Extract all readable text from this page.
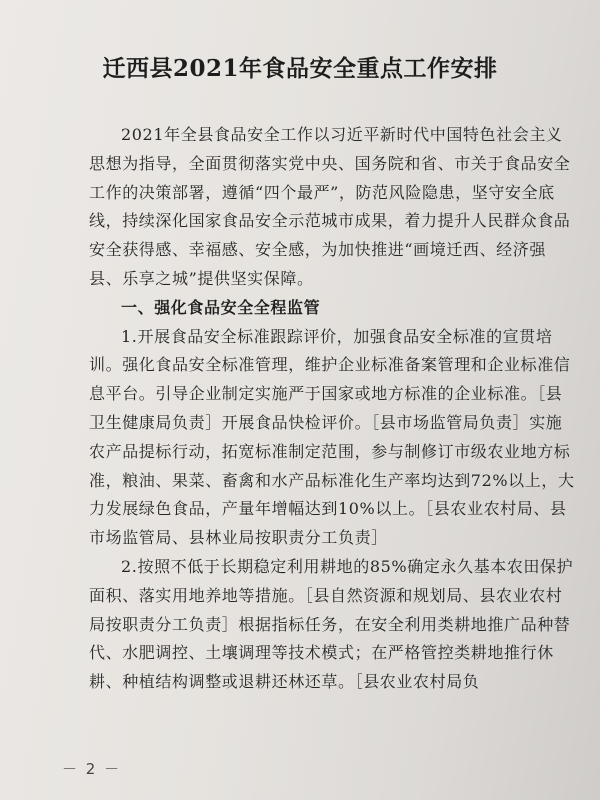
迁西县2021年食品安全重点工作安排

2021年全县食品安全工作以习近平新时代中国特色社会主义思想为指导，全面贯彻落实党中央、国务院和省、市关于食品安全工作的决策部署，遵循“四个最严”，防范风险隐患，坚守安全底线，持续深化国家食品安全示范城市成果，着力提升人民群众食品安全获得感、幸福感、安全感，为加快推进“画境迁西、经济强县、乐享之城”提供坚实保障。

一、强化食品安全全程监管

1.开展食品安全标准跟踪评价，加强食品安全标准的宣贯培训。强化食品安全标准管理，维护企业标准备案管理和企业标准信息平台。引导企业制定实施严于国家或地方标准的企业标准。［县卫生健康局负责］开展食品快检评价。［县市场监管局负责］实施农产品提标行动，拓宽标准制定范围，参与制修订市级农业地方标准，粮油、果菜、畜禽和水产品标准化生产率均达到72%以上，大力发展绿色食品，产量年增幅达到10%以上。［县农业农村局、县市场监管局、县林业局按职责分工负责］

2.按照不低于长期稳定利用耕地的85%确定永久基本农田保护面积、落实用地养地等措施。［县自然资源和规划局、县农业农村局按职责分工负责］根据指标任务，在安全利用类耕地推广品种替代、水肥调控、土壤调理等技术模式；在严格管控类耕地推行休耕、种植结构调整或退耕还林还草。［县农业农村局负

－ 2 －
